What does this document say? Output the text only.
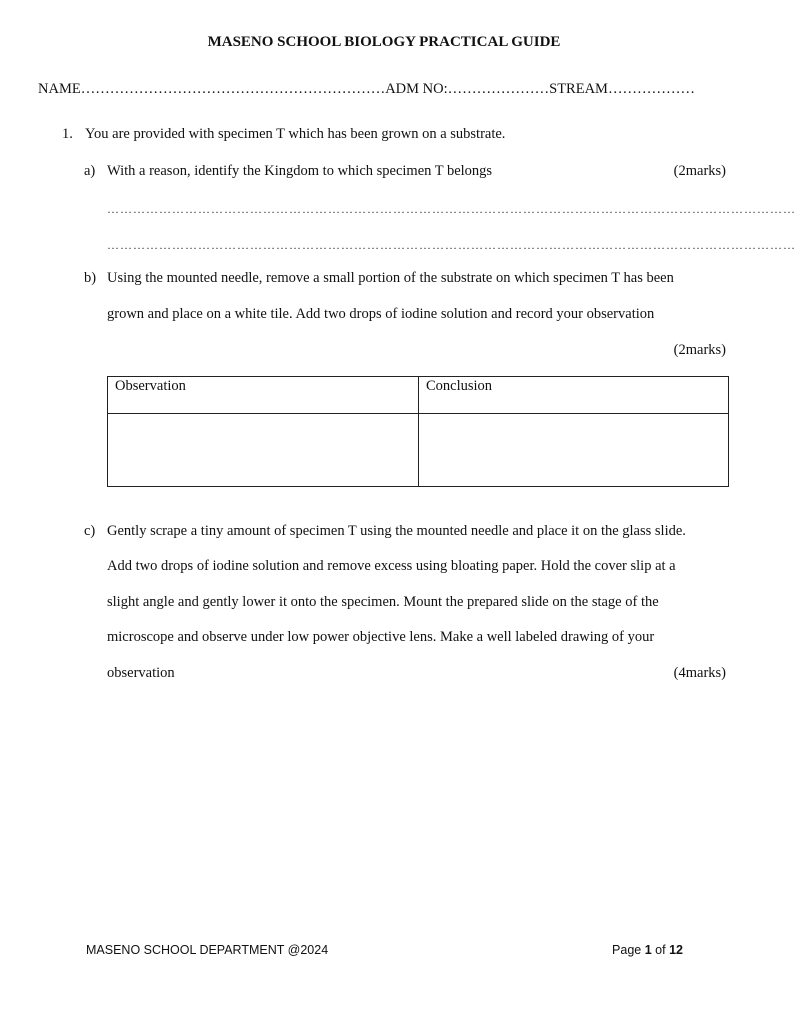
MASENO SCHOOL BIOLOGY PRACTICAL GUIDE
NAME………………………………………………………ADM NO:…………………STREAM………………
1. You are provided with specimen T which has been grown on a substrate.
a) With a reason, identify the Kingdom to which specimen T belongs	(2marks)
……………………………………………………………………………………………………………………………………………
……………………………………………………………………………………………………………………………………………
b) Using the mounted needle, remove a small portion of the substrate on which specimen T has been
grown and place on a white tile. Add two drops of iodine solution and record your observation
(2marks)
Observation	Conclusion

c) Gently scrape a tiny amount of specimen T using the mounted needle and place it on the glass slide.
Add two drops of iodine solution and remove excess using bloating paper. Hold the cover slip at a
slight angle and gently lower it onto the specimen. Mount the prepared slide on the stage of the
microscope and observe under low power objective lens. Make a well labeled drawing of your
observation	(4marks)
MASENO SCHOOL DEPARTMENT @2024	Page 1 of 12
